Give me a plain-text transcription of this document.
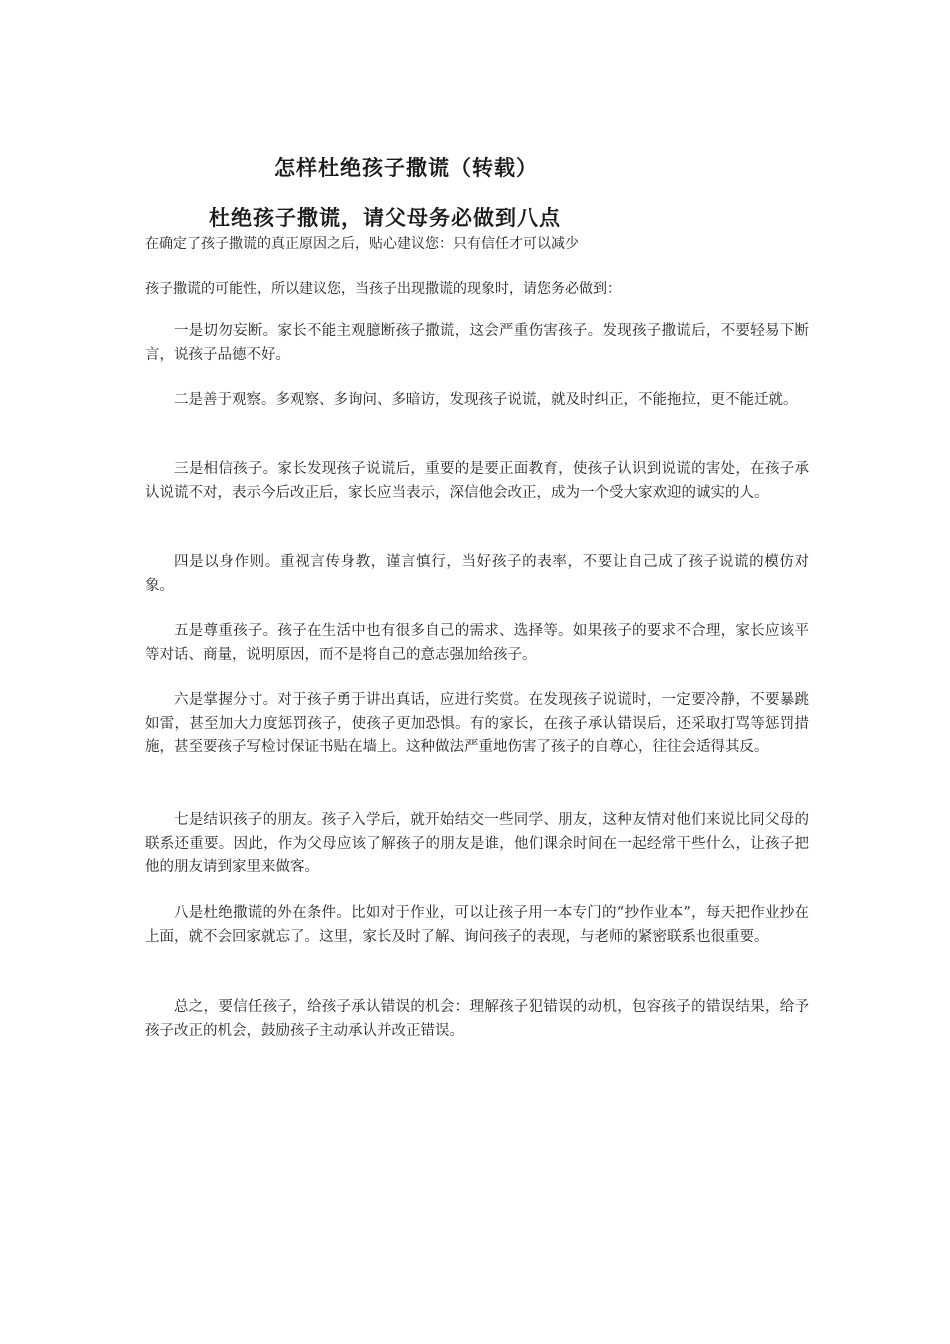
怎样杜绝孩子撒谎（转载）
杜绝孩子撒谎，请父母务必做到八点
在确定了孩子撒谎的真正原因之后，贴心建议您：只有信任才可以减少
孩子撒谎的可能性，所以建议您，当孩子出现撒谎的现象时，请您务必做到：

一是切勿妄断。家长不能主观臆断孩子撒谎，这会严重伤害孩子。发现孩子撒谎后，不要轻易下断言，说孩子品德不好。

二是善于观察。多观察、多询问、多暗访，发现孩子说谎，就及时纠正，不能拖拉，更不能迁就。

三是相信孩子。家长发现孩子说谎后，重要的是要正面教育，使孩子认识到说谎的害处，在孩子承认说谎不对，表示今后改正后，家长应当表示，深信他会改正，成为一个受大家欢迎的诚实的人。

四是以身作则。重视言传身教，谨言慎行，当好孩子的表率，不要让自己成了孩子说谎的模仿对象。

五是尊重孩子。孩子在生活中也有很多自己的需求、选择等。如果孩子的要求不合理，家长应该平等对话、商量，说明原因，而不是将自己的意志强加给孩子。

六是掌握分寸。对于孩子勇于讲出真话，应进行奖赏。在发现孩子说谎时，一定要冷静，不要暴跳如雷，甚至加大力度惩罚孩子，使孩子更加恐惧。有的家长，在孩子承认错误后，还采取打骂等惩罚措施，甚至要孩子写检讨保证书贴在墙上。这种做法严重地伤害了孩子的自尊心，往往会适得其反。

七是结识孩子的朋友。孩子入学后，就开始结交一些同学、朋友，这种友情对他们来说比同父母的联系还重要。因此，作为父母应该了解孩子的朋友是谁，他们课余时间在一起经常干些什么，让孩子把他的朋友请到家里来做客。

八是杜绝撒谎的外在条件。比如对于作业，可以让孩子用一本专门的“抄作业本”，每天把作业抄在上面，就不会回家就忘了。这里，家长及时了解、询问孩子的表现，与老师的紧密联系也很重要。

总之，要信任孩子，给孩子承认错误的机会：理解孩子犯错误的动机，包容孩子的错误结果，给予孩子改正的机会，鼓励孩子主动承认并改正错误。
